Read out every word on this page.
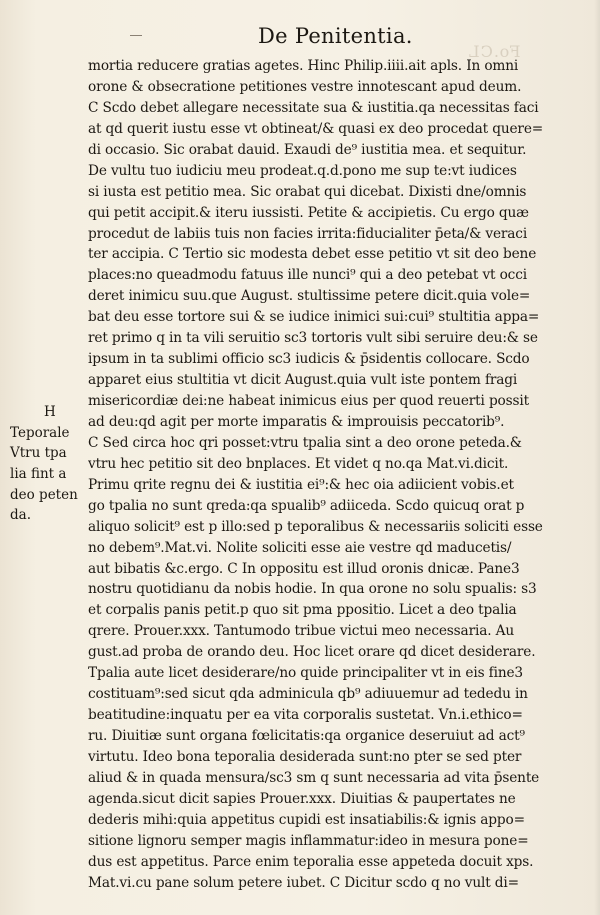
De Penitentia.
Fo.CL
H
Teporale
Vtru tpa
lia fint a
deo peten
da.
mortia reducere gratias agetes. Hinc Philip.iiii.ait apls. In omni
orone & obsecratione petitiones vestre innotescant apud deum.
C Scdo debet allegare necessitate sua & iustitia.qa necessitas faci
at qd querit iustu esse vt obtineat/& quasi ex deo procedat quere=
di occasio. Sic orabat dauid. Exaudi de⁹ iustitia mea. et sequitur.
De vultu tuo iudiciu meu prodeat.q.d.pono me sup te:vt iudices
si iusta est petitio mea. Sic orabat qui dicebat. Dixisti dne/omnis
qui petit accipit.& iteru iussisti. Petite & accipietis. Cu ergo quæ
procedut de labiis tuis non facies irrita:fiducialiter p̄eta/& veraci
ter accipia. C Tertio sic modesta debet esse petitio vt sit deo bene
places:no queadmodu fatuus ille nunci⁹ qui a deo petebat vt occi
deret inimicu suu.que August. stultissime petere dicit.quia vole=
bat deu esse tortore sui & se iudice inimici sui:cui⁹ stultitia appa=
ret primo q in ta vili seruitio sc3 tortoris vult sibi seruire deu:& se
ipsum in ta sublimi officio sc3 iudicis & p̄sidentis collocare. Scdo
apparet eius stultitia vt dicit August.quia vult iste pontem fragi
misericordiæ dei:ne habeat inimicus eius per quod reuerti possit
ad deu:qd agit per morte imparatis & improuisis peccatorib⁹.
C Sed circa hoc qri posset:vtru tpalia sint a deo orone peteda.&
vtru hec petitio sit deo bnplaces. Et videt q no.qa Mat.vi.dicit.
Primu qrite regnu dei & iustitia ei⁹:& hec oia adiicient vobis.et
go tpalia no sunt qreda:qa spualib⁹ adiiceda. Scdo quicuq orat p
aliquo solicit⁹ est p illo:sed p teporalibus & necessariis soliciti esse
no debem⁹.Mat.vi. Nolite soliciti esse aie vestre qd maducetis/
aut bibatis &c.ergo. C In oppositu est illud oronis dnicæ. Pane3
nostru quotidianu da nobis hodie. In qua orone no solu spualis: s3
et corpalis panis petit.p quo sit pma ppositio. Licet a deo tpalia
qrere. Prouer.xxx. Tantumodo tribue victui meo necessaria. Au
gust.ad proba de orando deu. Hoc licet orare qd dicet desiderare.
Tpalia aute licet desiderare/no quide principaliter vt in eis fine3
costituam⁹:sed sicut qda adminicula qb⁹ adiuuemur ad tededu in
beatitudine:inquatu per ea vita corporalis sustetat. Vn.i.ethico=
ru. Diuitiæ sunt organa fœlicitatis:qa organice deseruiut ad act⁹
virtutu. Ideo bona teporalia desiderada sunt:no pter se sed pter
aliud & in quada mensura/sc3 sm q sunt necessaria ad vita p̄sente
agenda.sicut dicit sapies Prouer.xxx. Diuitias & paupertates ne
dederis mihi:quia appetitus cupidi est insatiabilis:& ignis appo=
sitione lignoru semper magis inflammatur:ideo in mesura pone=
dus est appetitus. Parce enim teporalia esse appeteda docuit xps.
Mat.vi.cu pane solum petere iubet. C Dicitur scdo q no vult di=
